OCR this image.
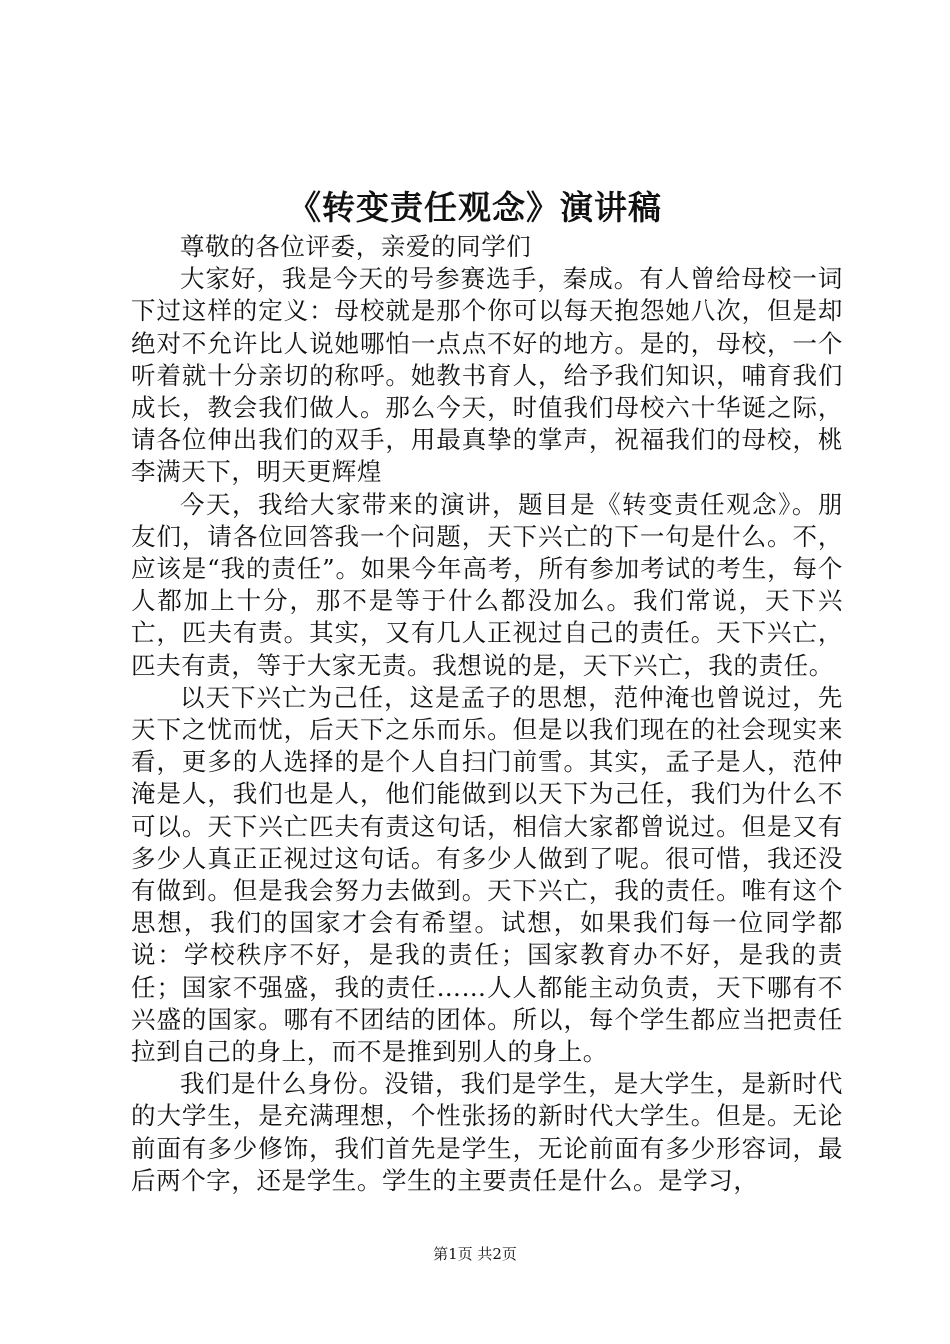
《转变责任观念》演讲稿

尊敬的各位评委，亲爱的同学们

大家好，我是今天的号参赛选手，秦成。有人曾给母校一词下过这样的定义：母校就是那个你可以每天抱怨她八次，但是却绝对不允许比人说她哪怕一点点不好的地方。是的，母校，一个听着就十分亲切的称呼。她教书育人，给予我们知识，哺育我们成长，教会我们做人。那么今天，时值我们母校六十华诞之际，请各位伸出我们的双手，用最真挚的掌声，祝福我们的母校，桃李满天下，明天更辉煌

今天，我给大家带来的演讲，题目是《转变责任观念》。朋友们，请各位回答我一个问题，天下兴亡的下一句是什么。不，应该是“我的责任”。如果今年高考，所有参加考试的考生，每个人都加上十分，那不是等于什么都没加么。我们常说，天下兴亡，匹夫有责。其实，又有几人正视过自己的责任。天下兴亡，匹夫有责，等于大家无责。我想说的是，天下兴亡，我的责任。

以天下兴亡为己任，这是孟子的思想，范仲淹也曾说过，先天下之忧而忧，后天下之乐而乐。但是以我们现在的社会现实来看，更多的人选择的是个人自扫门前雪。其实，孟子是人，范仲淹是人，我们也是人，他们能做到以天下为己任，我们为什么不可以。天下兴亡匹夫有责这句话，相信大家都曾说过。但是又有多少人真正正视过这句话。有多少人做到了呢。很可惜，我还没有做到。但是我会努力去做到。天下兴亡，我的责任。唯有这个思想，我们的国家才会有希望。试想，如果我们每一位同学都说：学校秩序不好，是我的责任；国家教育办不好，是我的责任；国家不强盛，我的责任……人人都能主动负责，天下哪有不兴盛的国家。哪有不团结的团体。所以，每个学生都应当把责任拉到自己的身上，而不是推到别人的身上。

我们是什么身份。没错，我们是学生，是大学生，是新时代的大学生，是充满理想，个性张扬的新时代大学生。但是。无论前面有多少修饰，我们首先是学生，无论前面有多少形容词，最后两个字，还是学生。学生的主要责任是什么。是学习，

第1页 共2页
